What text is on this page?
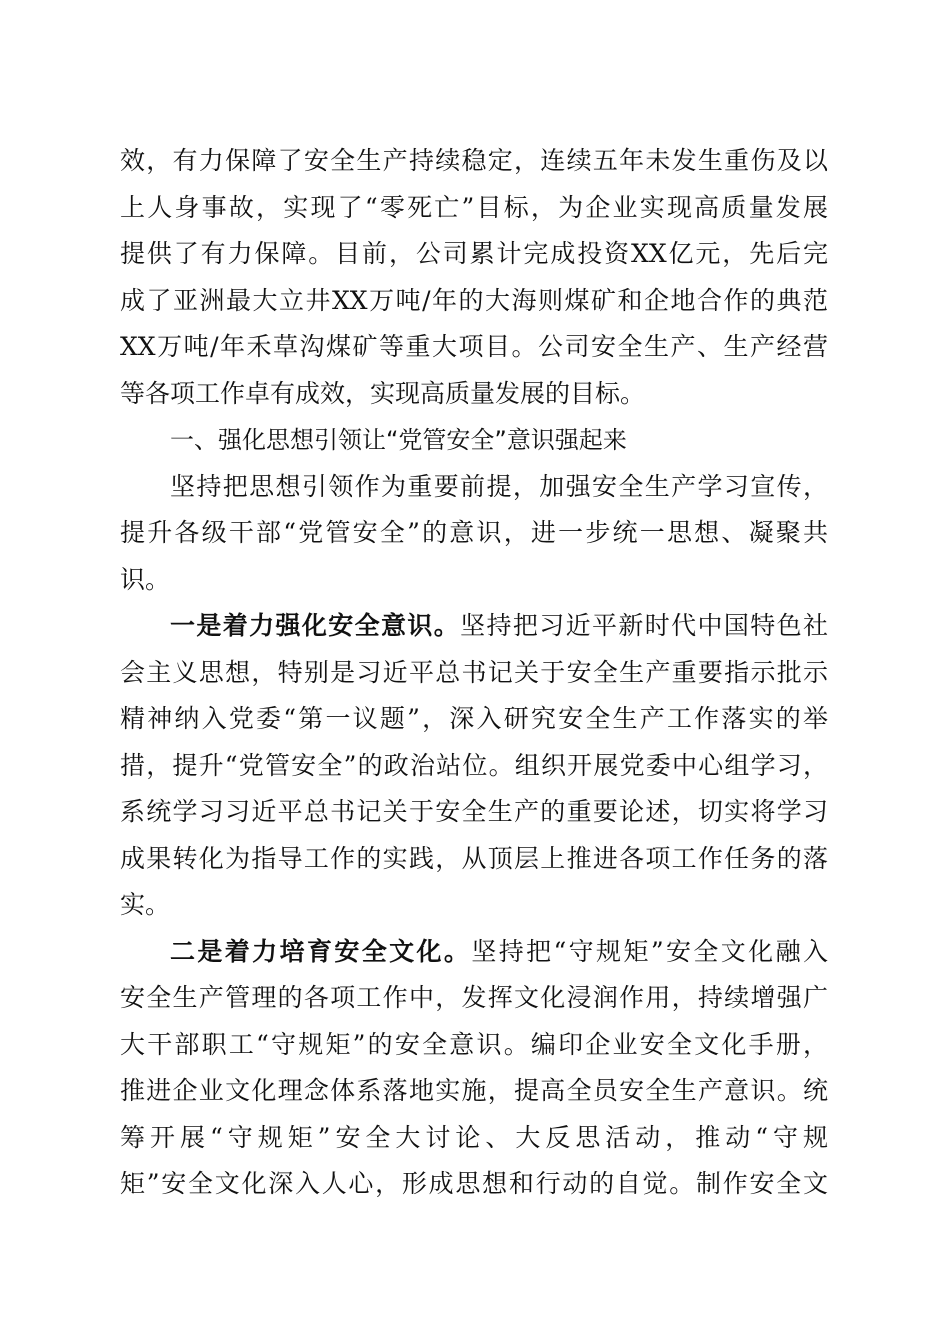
效，有力保障了安全生产持续稳定，连续五年未发生重伤及以
上人身事故，实现了“零死亡”目标，为企业实现高质量发展
提供了有力保障。目前，公司累计完成投资XX亿元，先后完
成了亚洲最大立井XX万吨/年的大海则煤矿和企地合作的典范
XX万吨/年禾草沟煤矿等重大项目。公司安全生产、生产经营
等各项工作卓有成效，实现高质量发展的目标。
一、强化思想引领让“党管安全”意识强起来
坚持把思想引领作为重要前提，加强安全生产学习宣传，
提升各级干部“党管安全”的意识，进一步统一思想、凝聚共
识。
一是着力强化安全意识。坚持把习近平新时代中国特色社
会主义思想，特别是习近平总书记关于安全生产重要指示批示
精神纳入党委“第一议题”，深入研究安全生产工作落实的举
措，提升“党管安全”的政治站位。组织开展党委中心组学习，
系统学习习近平总书记关于安全生产的重要论述，切实将学习
成果转化为指导工作的实践，从顶层上推进各项工作任务的落
实。
二是着力培育安全文化。坚持把“守规矩”安全文化融入
安全生产管理的各项工作中，发挥文化浸润作用，持续增强广
大干部职工“守规矩”的安全意识。编印企业安全文化手册，
推进企业文化理念体系落地实施，提高全员安全生产意识。统
筹开展“守规矩”安全大讨论、大反思活动，推动“守规
矩”安全文化深入人心，形成思想和行动的自觉。制作安全文
